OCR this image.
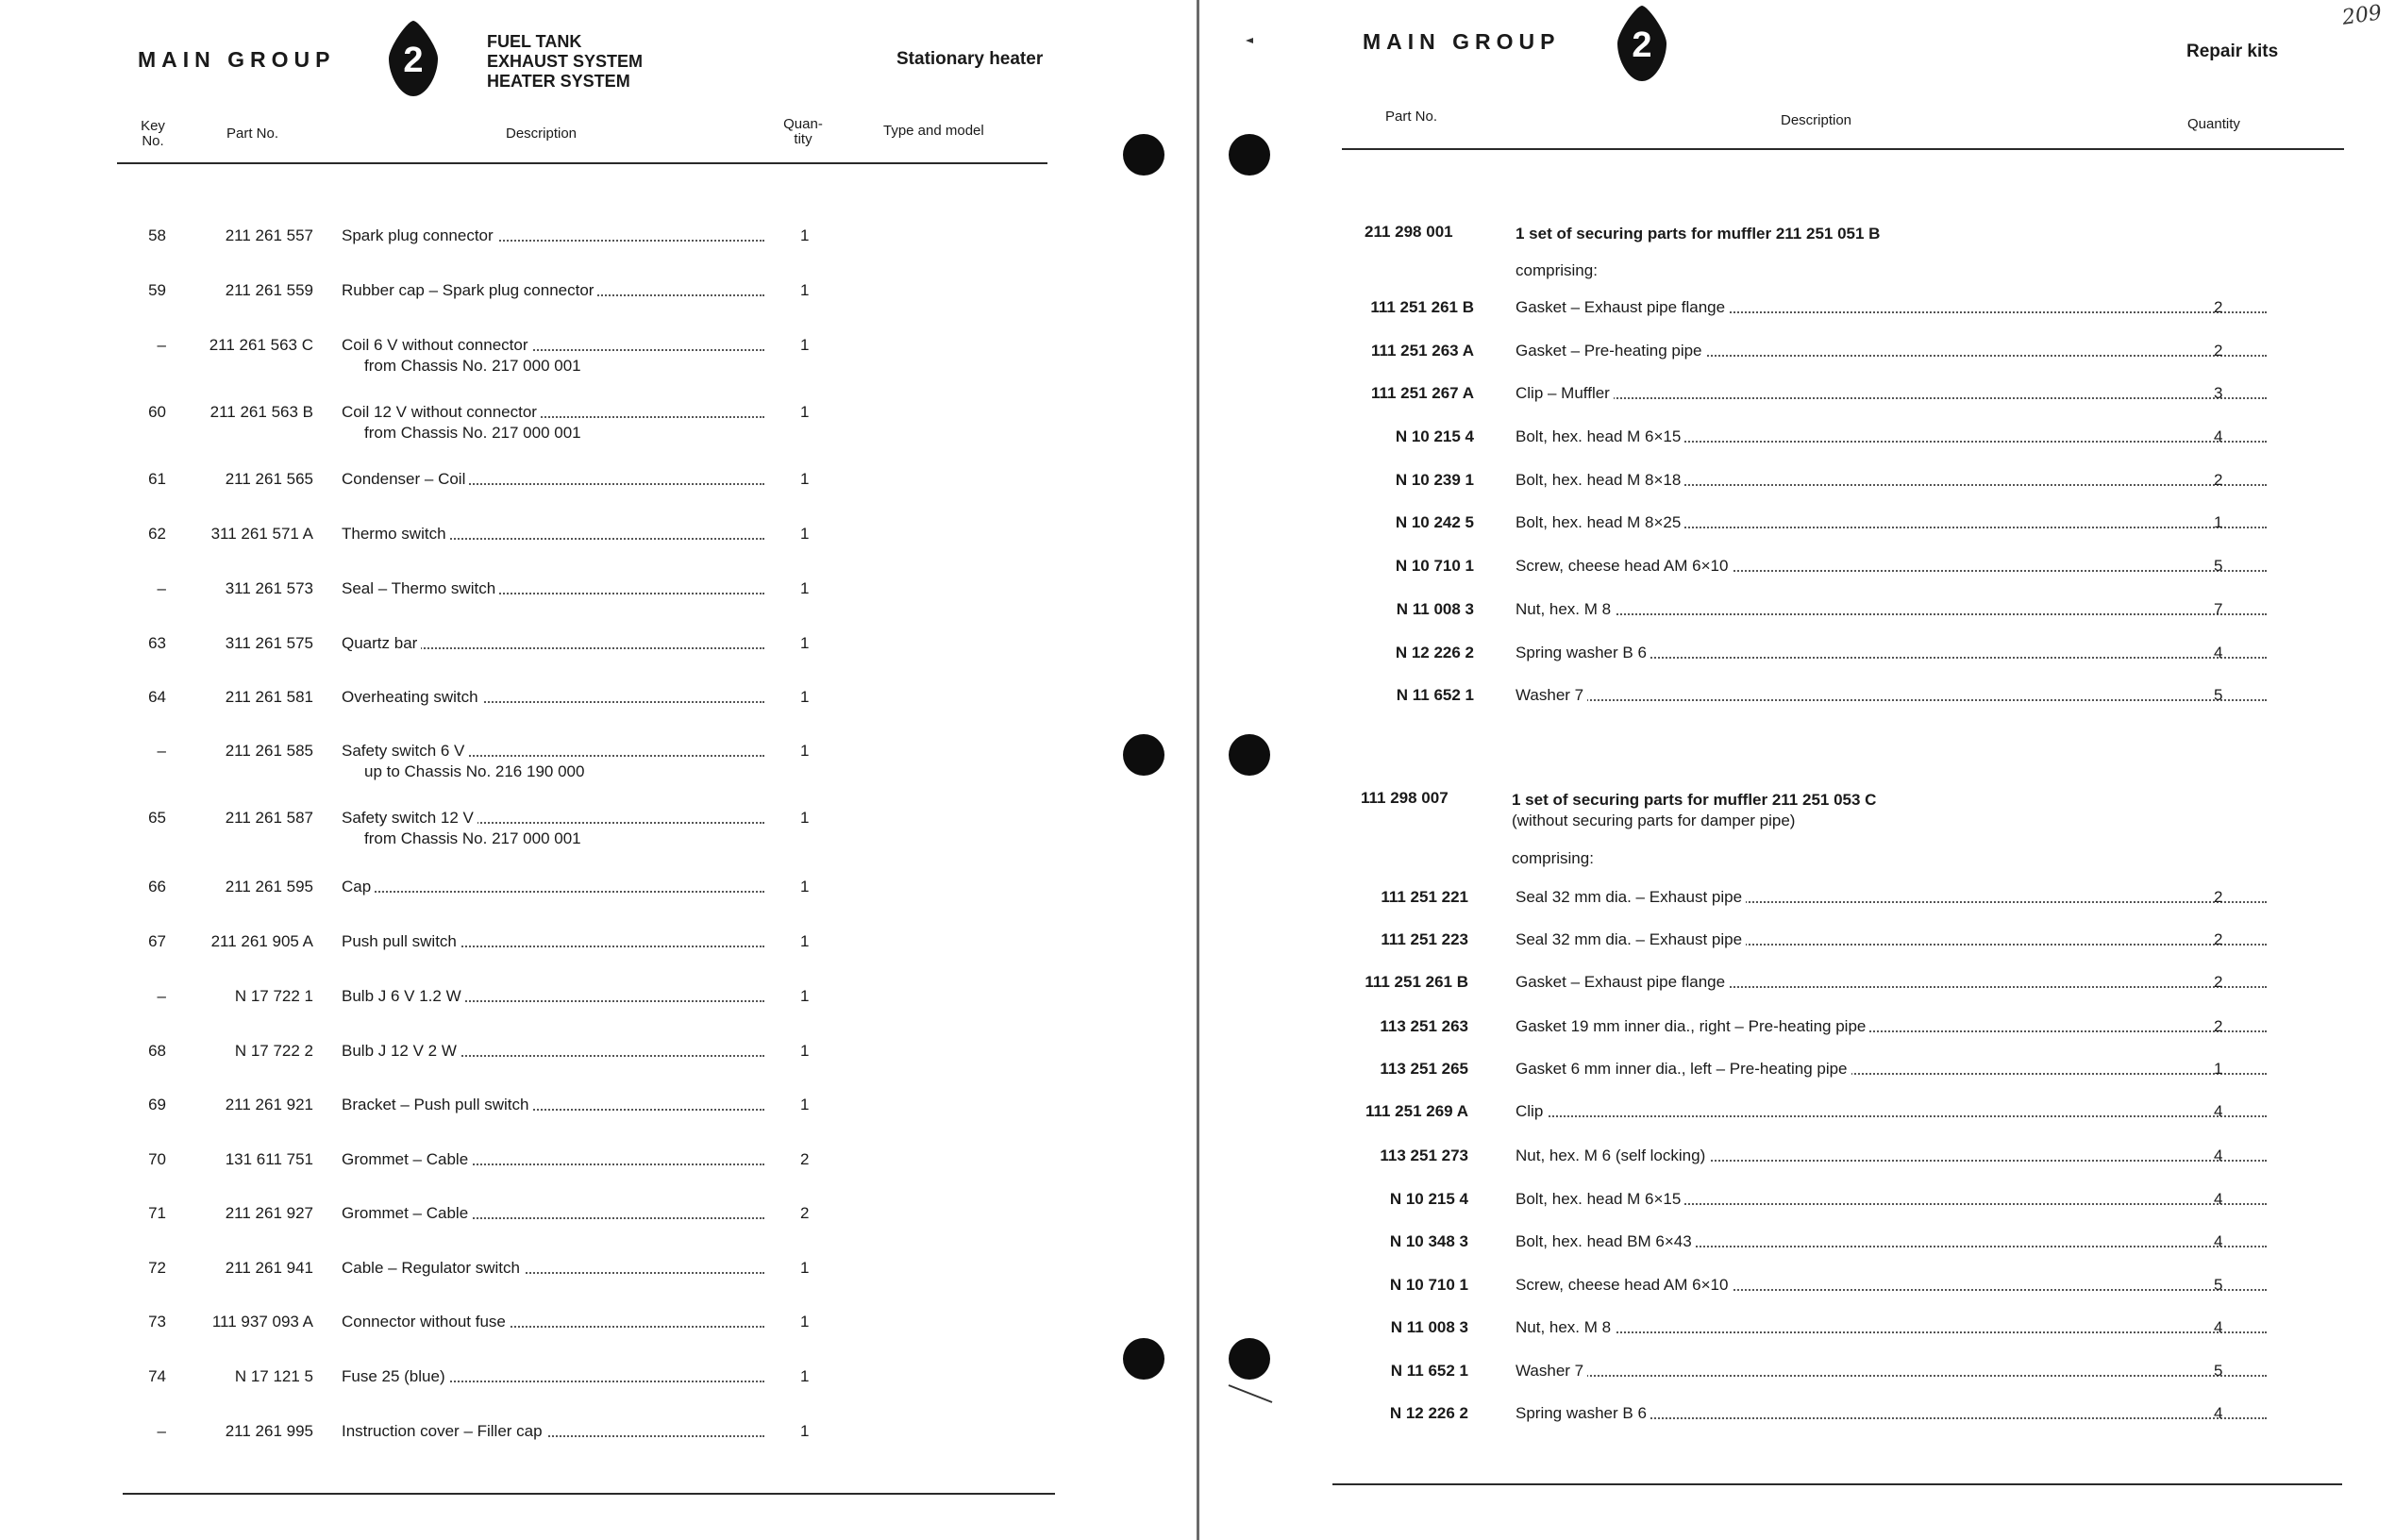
MAIN GROUP 2	FUEL TANK
EXHAUST SYSTEM
HEATER SYSTEM
Stationary heater
Key
No.	Part No.	Description
Quan-
tity
Type and model
58	211 261 557 Spark plug connector	1
59	211 261 559 Rubber cap – Spark plug connector	1
–	211 261 563 C Coil 6 V without connector	1
from Chassis No. 217 000 001
60	211 261 563 B Coil 12 V without connector	1
from Chassis No. 217 000 001
61	211 261 565 Condenser – Coil	1
62	311 261 571 A Thermo switch	1
–	311 261 573 Seal – Thermo switch	1
63	311 261 575 Quartz bar	1
64	211 261 581 Overheating switch	1
–	211 261 585 Safety switch 6 V	1
up to Chassis No. 216 190 000
65	211 261 587 Safety switch 12 V	1
from Chassis No. 217 000 001
66	211 261 595 Cap	1
67	211 261 905 A Push pull switch	1
–	N 17 722 1 Bulb J 6 V 1.2 W	1
68	N 17 722 2 Bulb J 12 V 2 W	1
69	211 261 921 Bracket – Push pull switch	1
70	131 611 751 Grommet – Cable	2
71	211 261 927 Grommet – Cable	2
72	211 261 941 Cable – Regulator switch	1
73	111 937 093 A Connector without fuse	1
74	N 17 121 5 Fuse 25 (blue)	1
–	211 261 995 Instruction cover – Filler cap	1
MAIN GROUP 2	Repair kits
Part No.	Description	Quantity
211 298 001	1 set of securing parts for muffler 211 251 051 B
comprising:
111 251 261 B	Gasket – Exhaust pipe flange	2
111 251 263 A	Gasket – Pre-heating pipe	2
111 251 267 A	Clip – Muffler	3
N 10 215 4	Bolt, hex. head M 6×15	4
N 10 239 1	Bolt, hex. head M 8×18	2
N 10 242 5	Bolt, hex. head M 8×25	1
N 10 710 1	Screw, cheese head AM 6×10	5
N 11 008 3	Nut, hex. M 8	7
N 12 226 2	Spring washer B 6	4
N 11 652 1	Washer 7	5
111 298 007	1 set of securing parts for muffler 211 251 053 C
(without securing parts for damper pipe)
comprising:
111 251 221	Seal 32 mm dia. – Exhaust pipe	2
111 251 223	Seal 32 mm dia. – Exhaust pipe	2
111 251 261 B	Gasket – Exhaust pipe flange	2
113 251 263	Gasket 19 mm inner dia., right – Pre-heating pipe	2
113 251 265	Gasket 6 mm inner dia., left – Pre-heating pipe	1
111 251 269 A	Clip	4
113 251 273	Nut, hex. M 6 (self locking)	4
N 10 215 4	Bolt, hex. head M 6×15	4
N 10 348 3	Bolt, hex. head BM 6×43	4
N 10 710 1	Screw, cheese head AM 6×10	5
N 11 008 3	Nut, hex. M 8	4
N 11 652 1	Washer 7	5
N 12 226 2	Spring washer B 6	4
209
